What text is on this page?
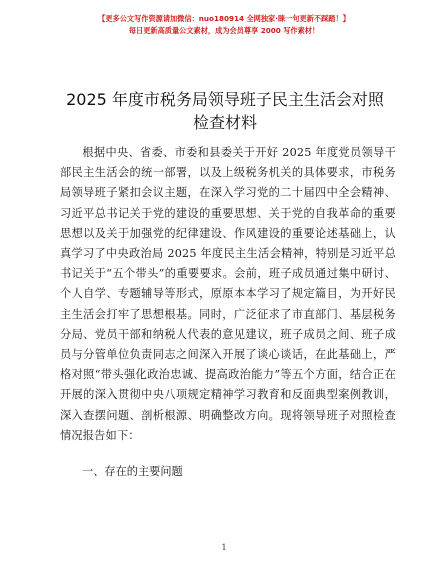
【更多公文写作资源请加微信：nuo180914 全网独家·睐一句更新不踩踏！】
每日更新高质量公文素材，成为会员尊享 2000 写作素材！
2025 年度市税务局领导班子民主生活会对照检查材料

根据中央、省委、市委和县委关于开好 2025 年度党员领导干部民主生活会的统一部署，以及上级税务机关的具体要求，市税务局领导班子紧扣会议主题，在深入学习党的二十届四中全会精神、习近平总书记关于党的建设的重要思想、关于党的自我革命的重要思想以及关于加强党的纪律建设、作风建设的重要论述基础上，认真学习了中央政治局 2025 年度民主生活会精神，特别是习近平总书记关于“五个带头”的重要要求。会前，班子成员通过集中研讨、个人自学、专题辅导等形式，原原本本学习了规定篇目，为开好民主生活会打牢了思想根基。同时，广泛征求了市直部门、基层税务分局、党员干部和纳税人代表的意见建议，班子成员之间、班子成员与分管单位负责同志之间深入开展了谈心谈话，在此基础上，严格对照“带头强化政治忠诚、提高政治能力”等五个方面，结合正在开展的深入贯彻中央八项规定精神学习教育和反面典型案例教训，深入查摆问题、剖析根源、明确整改方向。现将领导班子对照检查情况报告如下：

一、存在的主要问题

1
